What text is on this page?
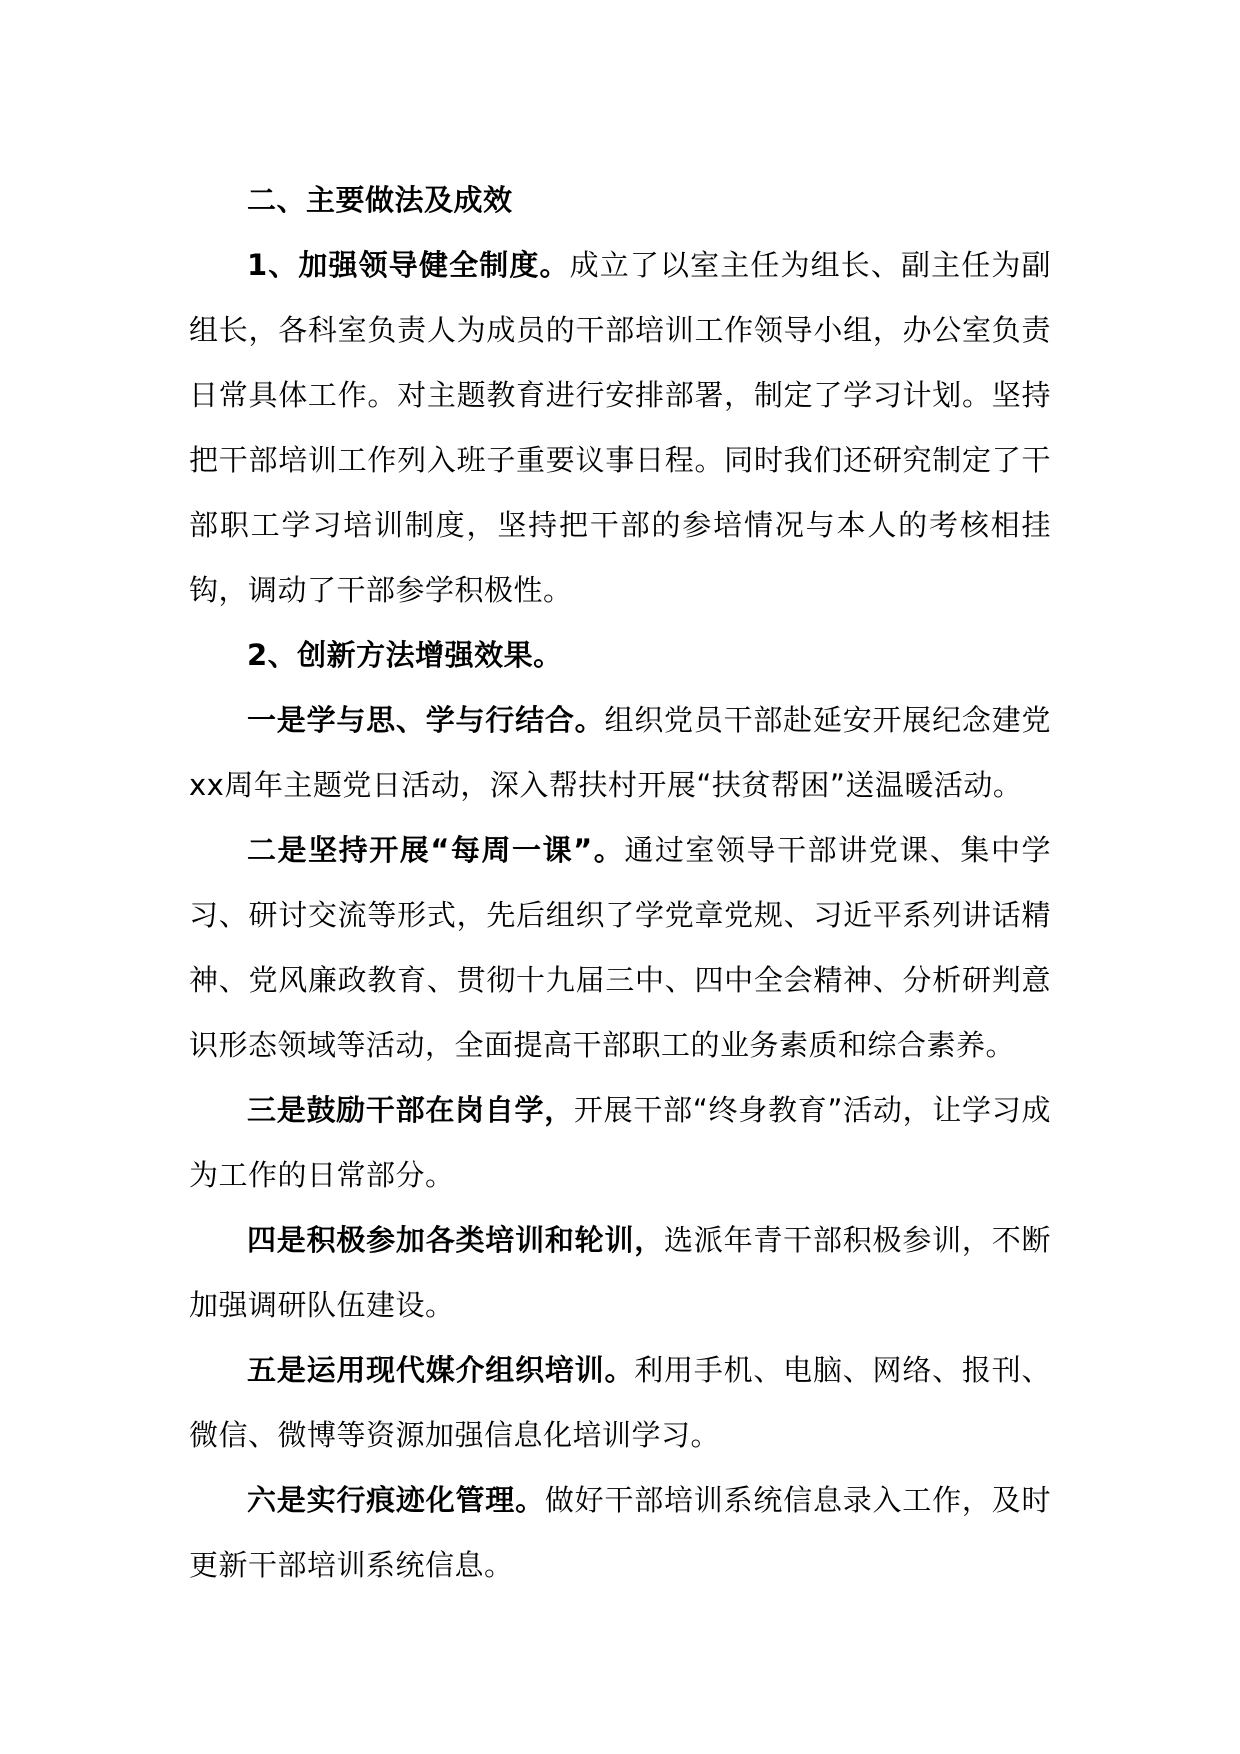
二、主要做法及成效

1、加强领导健全制度。成立了以室主任为组长、副主任为副组长，各科室负责人为成员的干部培训工作领导小组，办公室负责日常具体工作。对主题教育进行安排部署，制定了学习计划。坚持把干部培训工作列入班子重要议事日程。同时我们还研究制定了干部职工学习培训制度，坚持把干部的参培情况与本人的考核相挂钩，调动了干部参学积极性。

2、创新方法增强效果。

一是学与思、学与行结合。组织党员干部赴延安开展纪念建党xx周年主题党日活动，深入帮扶村开展“扶贫帮困”送温暖活动。

二是坚持开展“每周一课”。通过室领导干部讲党课、集中学习、研讨交流等形式，先后组织了学党章党规、习近平系列讲话精神、党风廉政教育、贯彻十九届三中、四中全会精神、分析研判意识形态领域等活动，全面提高干部职工的业务素质和综合素养。

三是鼓励干部在岗自学，开展干部“终身教育”活动，让学习成为工作的日常部分。

四是积极参加各类培训和轮训，选派年青干部积极参训，不断加强调研队伍建设。

五是运用现代媒介组织培训。利用手机、电脑、网络、报刊、微信、微博等资源加强信息化培训学习。

六是实行痕迹化管理。做好干部培训系统信息录入工作，及时更新干部培训系统信息。
